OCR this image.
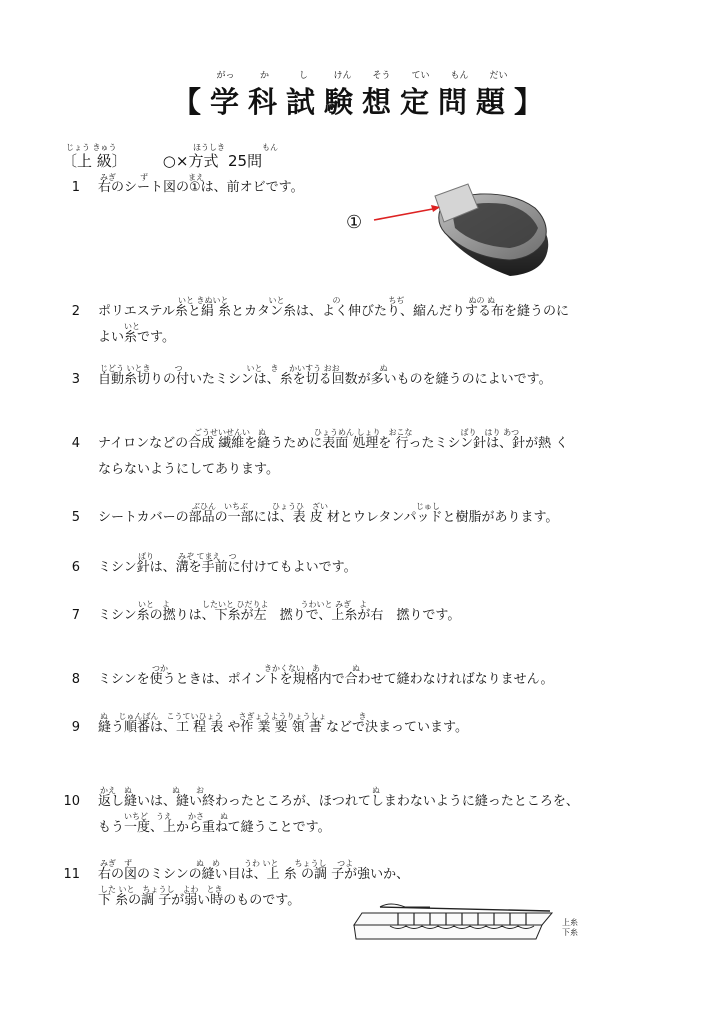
がっ	か	し	けん そう てい もん だい
【学科試験想定問題】
じょう きゅう	ほうしき	もん
〔上 級〕 ○×方式 25問
みぎ　　　ず　　　　　まえ
1 右のシート図の①は、前オビです。
①
いと きぬいと　　　　　いと　　　　　　の　　　　　　ちぢ　　　　　　　　ぬの ぬ
2 ポリエステル糸と絹 糸とカタン糸は、よく伸びたり、縮んだりする布を縫うのに
いと
よい糸です。
じどう いとき　　　つ　　　　　　　　いと　き　 かいすう おお　　　　　ぬ
3 自動糸切りの付いたミシンは、糸を切る回数が多いものを縫うのによいです。
ごうせいせんい　ぬ　　　　　　ひょうめん しょり　おこな　　　　　　ばり　はり あつ
4 ナイロンなどの合成 繊維を縫うために表面 処理を 行ったミシン針は、針が熱 く
ならないようにしてあります。
ぶひん　いちぶ　　　ひょうひ　ざい　　　　　　　　　　　じゅし
5 シートカバーの部品の一部には、表 皮 材とウレタンパッドと樹脂があります。
ばり　　　みぞ てまえ　つ
6 ミシン針は、溝を手前に付けてもよいです。
いと　よ　　　　したいと ひだりよ　　　　うわいと みぎ　よ
7 ミシン糸の撚りは、下糸が左　撚りで、上糸が右　撚りです。
つか　　　　　　　　　　　　きかくない　あ　　　　ぬ
8 ミシンを使うときは、ポイントを規格内で合わせて縫わなければなりません。
ぬ　 じゅんばん　こうていひょう　　さぎょうようりょうしょ　　　　き
9 縫う順番は、工 程 表 や作 業 要 領 書 などで決まっています。
かえ　ぬ　　　　　ぬ　　お　　　　　　　　　　　　　　　　　　　　　ぬ
10 返し縫いは、縫い終わったところが、ほつれてしまわないように縫ったところを、
いちど　うえ　　かさ　　ぬ
もう一度、上から重ねて縫うことです。
みぎ　ず　　　　　　　　ぬ　め　　　うわ いと　　ちょうし　 つよ
11 右の図のミシンの縫い目は、上 糸 の調 子が強いか、
した いと　ちょうし　よわ　とき
下 糸の調 子が弱い時のものです。
上糸
下糸
